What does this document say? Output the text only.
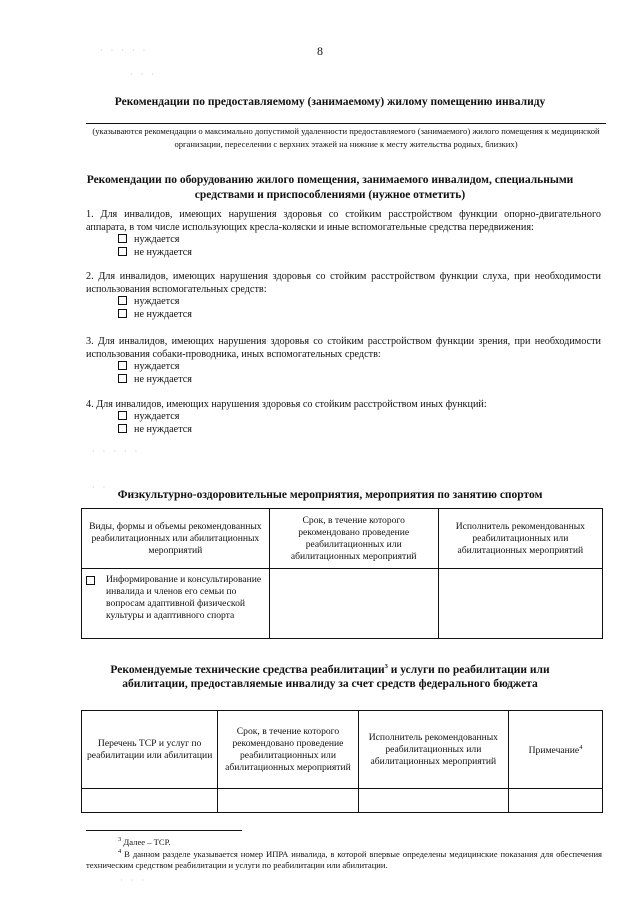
· · · · ·
· · ·
8
Рекомендации по предоставляемому (занимаемому) жилому помещению инвалиду
(указываются рекомендации о максимально допустимой удаленности предоставляемого (занимаемого) жилого помещения к медицинской организации, переселении с верхних этажей на нижние к месту жительства родных, близких)
Рекомендации по оборудованию жилого помещения, занимаемого инвалидом, специальными
средствами и приспособлениями (нужное отметить)
1. Для инвалидов, имеющих нарушения здоровья со стойким расстройством функции опорно-двигательного аппарата, в том числе использующих кресла-коляски и иные вспомогательные средства передвижения:
нуждается
не нуждается
2. Для инвалидов, имеющих нарушения здоровья со стойким расстройством функции слуха, при необходимости использования вспомогательных средств:
нуждается
не нуждается
3. Для инвалидов, имеющих нарушения здоровья со стойким расстройством функции зрения, при необходимости использования собаки-проводника, иных вспомогательных средств:
нуждается
не нуждается
4. Для инвалидов, имеющих нарушения здоровья со стойким расстройством иных функций:
нуждается
не нуждается
· · · · ·
· ·
Физкультурно-оздоровительные мероприятия, мероприятия по занятию спортом
Виды, формы и объемы рекомендованных реабилитационных или абилитационных мероприятий	Срок, в течение которого рекомендовано проведение реабилитационных или абилитационных мероприятий	Исполнитель рекомендованных реабилитационных или абилитационных мероприятий

Информирование и консультирование инвалида и членов его семьи по вопросам адаптивной физической культуры и адаптивного спорта		

Рекомендуемые технические средства реабилитации$^3$ и услуги по реабилитации или
абилитации, предоставляемые инвалиду за счет средств федерального бюджета
Перечень ТСР и услуг по реабилитации или абилитации	Срок, в течение которого рекомендовано проведение реабилитационных или абилитационных мероприятий	Исполнитель рекомендованных реабилитационных или абилитационных мероприятий	Примечание$^4$

$^3$ Далее – ТСР.
$^4$ В данном разделе указывается номер ИПРА инвалида, в которой впервые определены медицинские показания для обеспечения техническим средством реабилитации и услуги по реабилитации или абилитации.
· · ·
